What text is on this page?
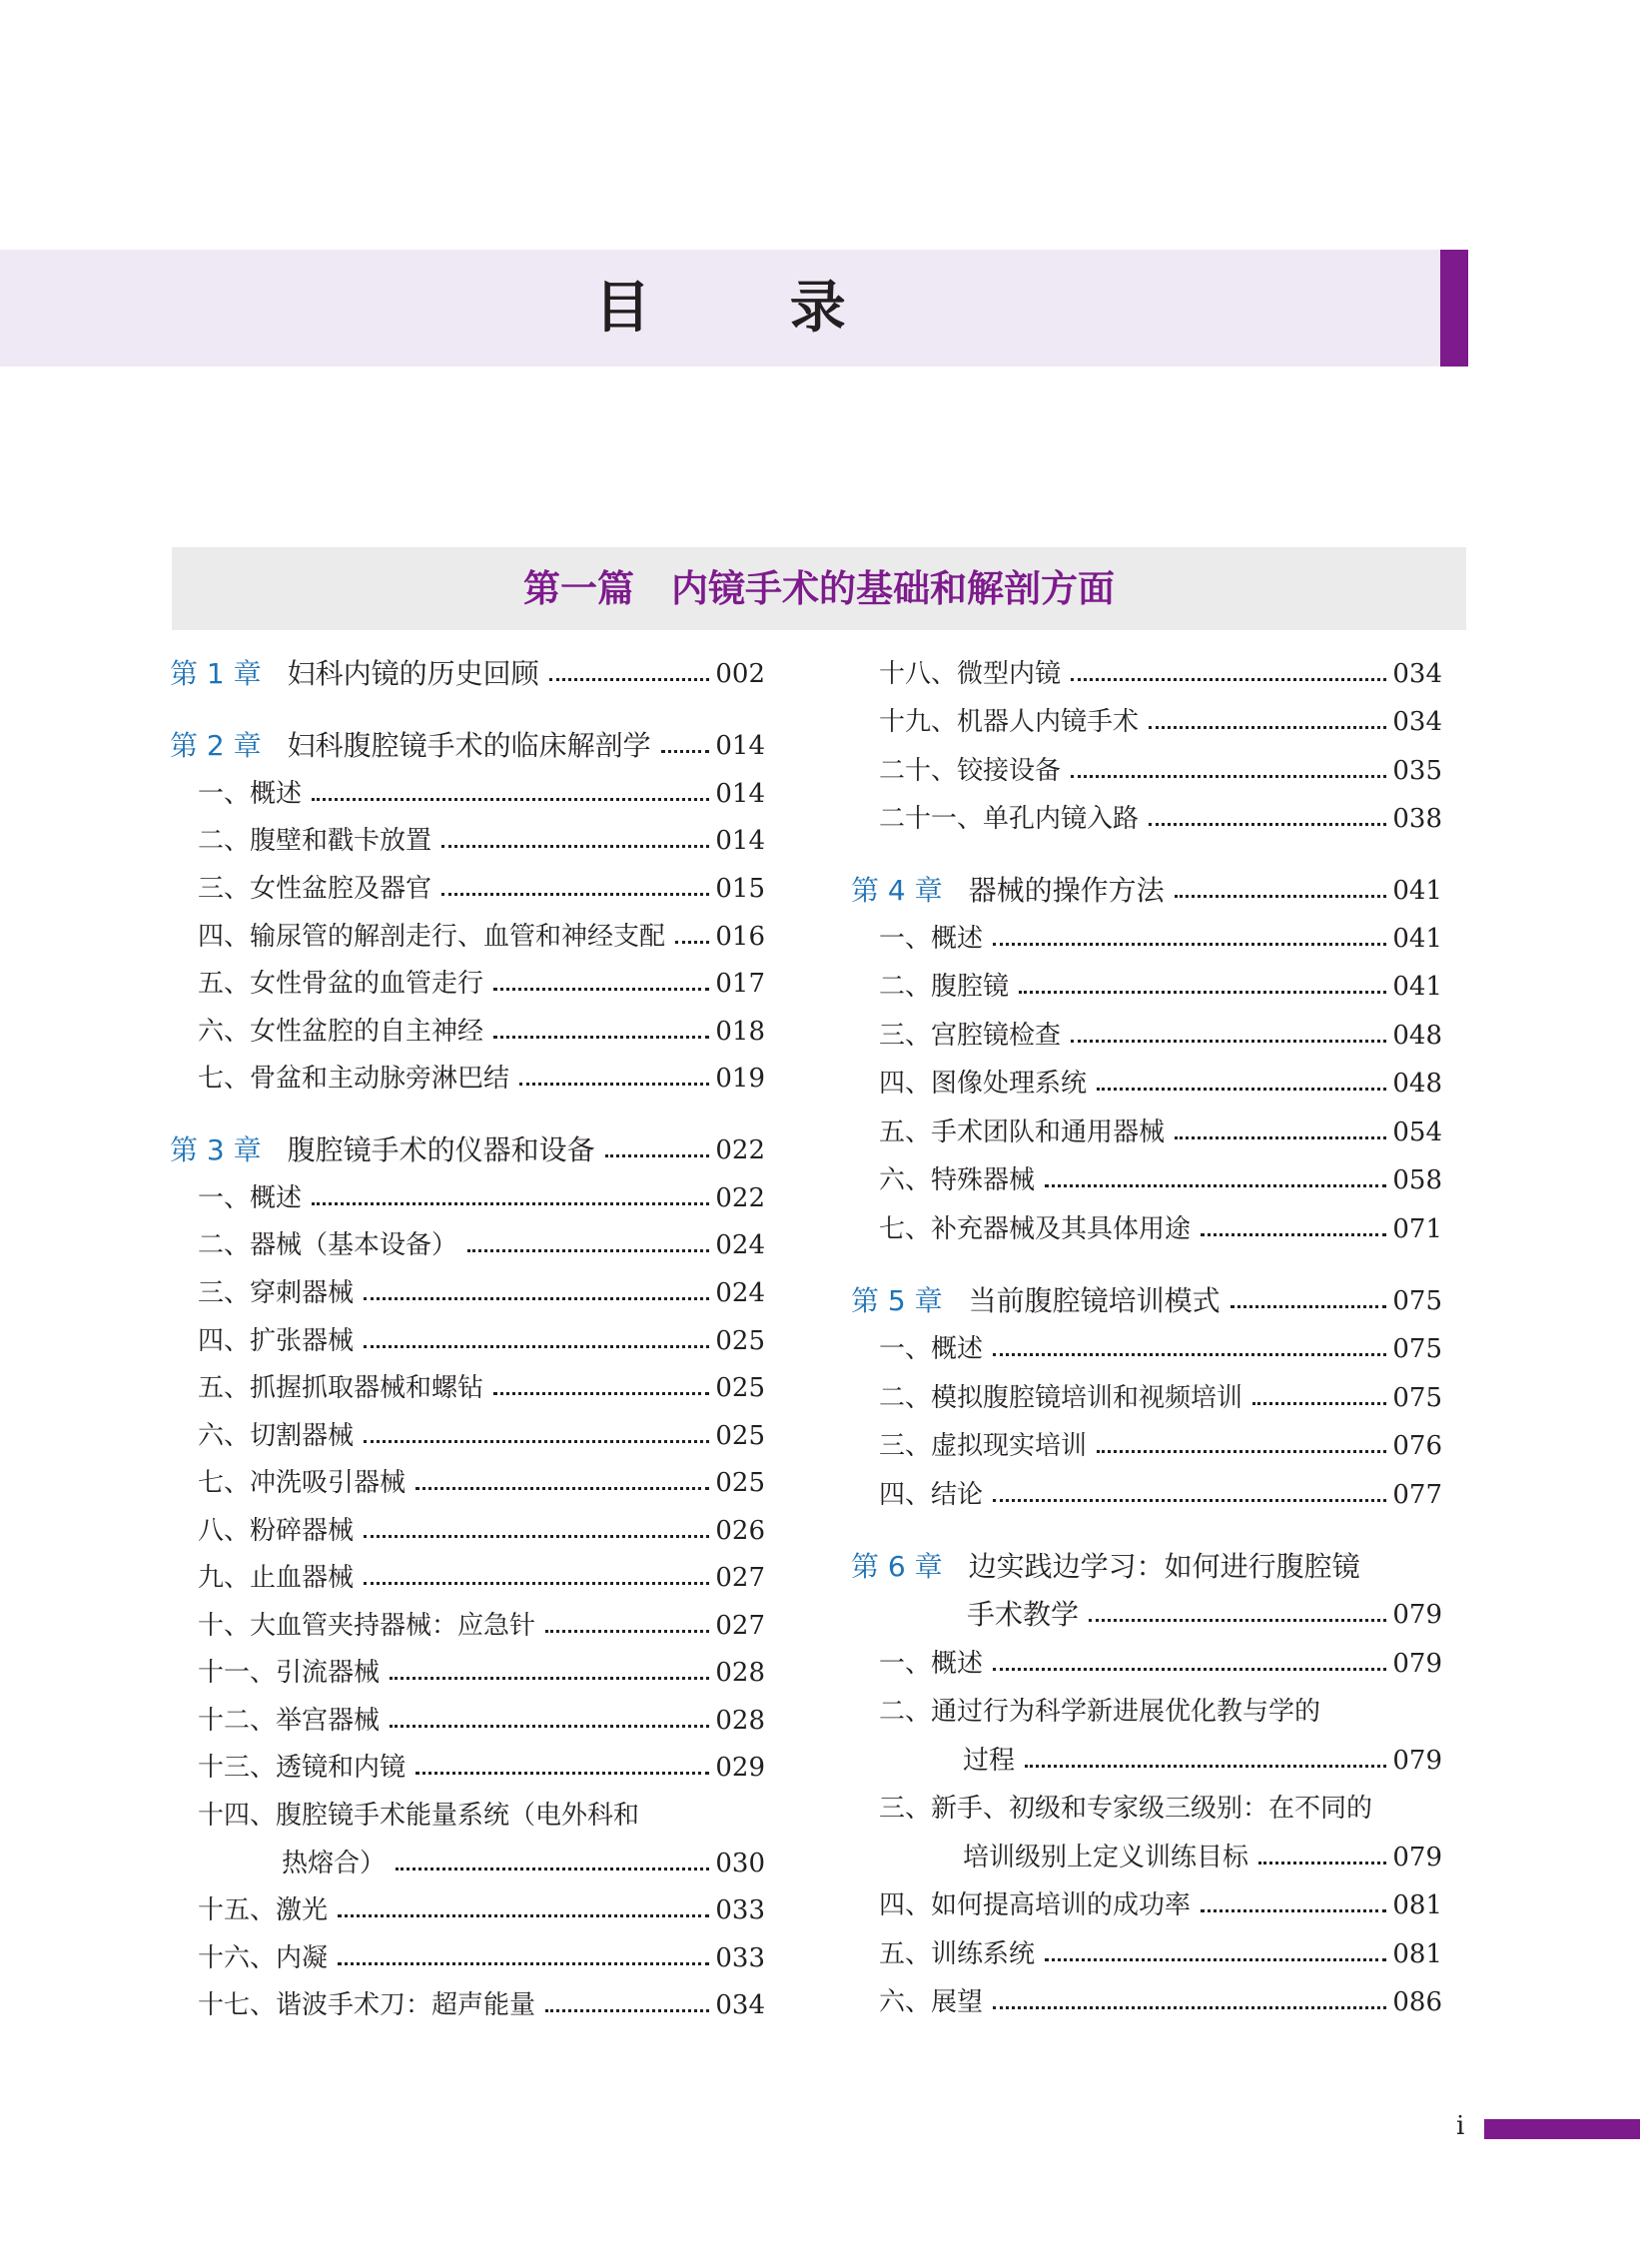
目 录
第一篇　内镜手术的基础和解剖方面
第 1 章 妇科内镜的历史回顾	002
第 2 章 妇科腹腔镜手术的临床解剖学 014
一、概述	014
二、腹壁和戳卡放置	014
三、女性盆腔及器官	015
四、输尿管的解剖走行、血管和神经支配 016
五、女性骨盆的血管走行	017
六、女性盆腔的自主神经	018
七、骨盆和主动脉旁淋巴结	019
第 3 章 腹腔镜手术的仪器和设备	022
一、概述	022
二、器械（基本设备）	024
三、穿刺器械	024
四、扩张器械	025
五、抓握抓取器械和螺钻	025
六、切割器械	025
七、冲洗吸引器械	025
八、粉碎器械	026
九、止血器械	027
十、大血管夹持器械：应急针	027
十一、引流器械	028
十二、举宫器械	028
十三、透镜和内镜	029
十四、腹腔镜手术能量系统（电外科和
热熔合）	030
十五、激光	033
十六、内凝	033
十七、谐波手术刀：超声能量	034
十八、微型内镜	034
十九、机器人内镜手术	034
二十、铰接设备	035
二十一、单孔内镜入路	038
第 4 章 器械的操作方法	041
一、概述	041
二、腹腔镜	041
三、宫腔镜检查	048
四、图像处理系统	048
五、手术团队和通用器械	054
六、特殊器械	058
七、补充器械及其具体用途	071
第 5 章 当前腹腔镜培训模式	075
一、概述	075
二、模拟腹腔镜培训和视频培训	075
三、虚拟现实培训	076
四、结论	077
第 6 章 边实践边学习：如何进行腹腔镜
手术教学	079
一、概述	079
二、通过行为科学新进展优化教与学的
过程	079
三、新手、初级和专家级三级别：在不同的
培训级别上定义训练目标	079
四、如何提高培训的成功率	081
五、训练系统	081
六、展望	086
i
